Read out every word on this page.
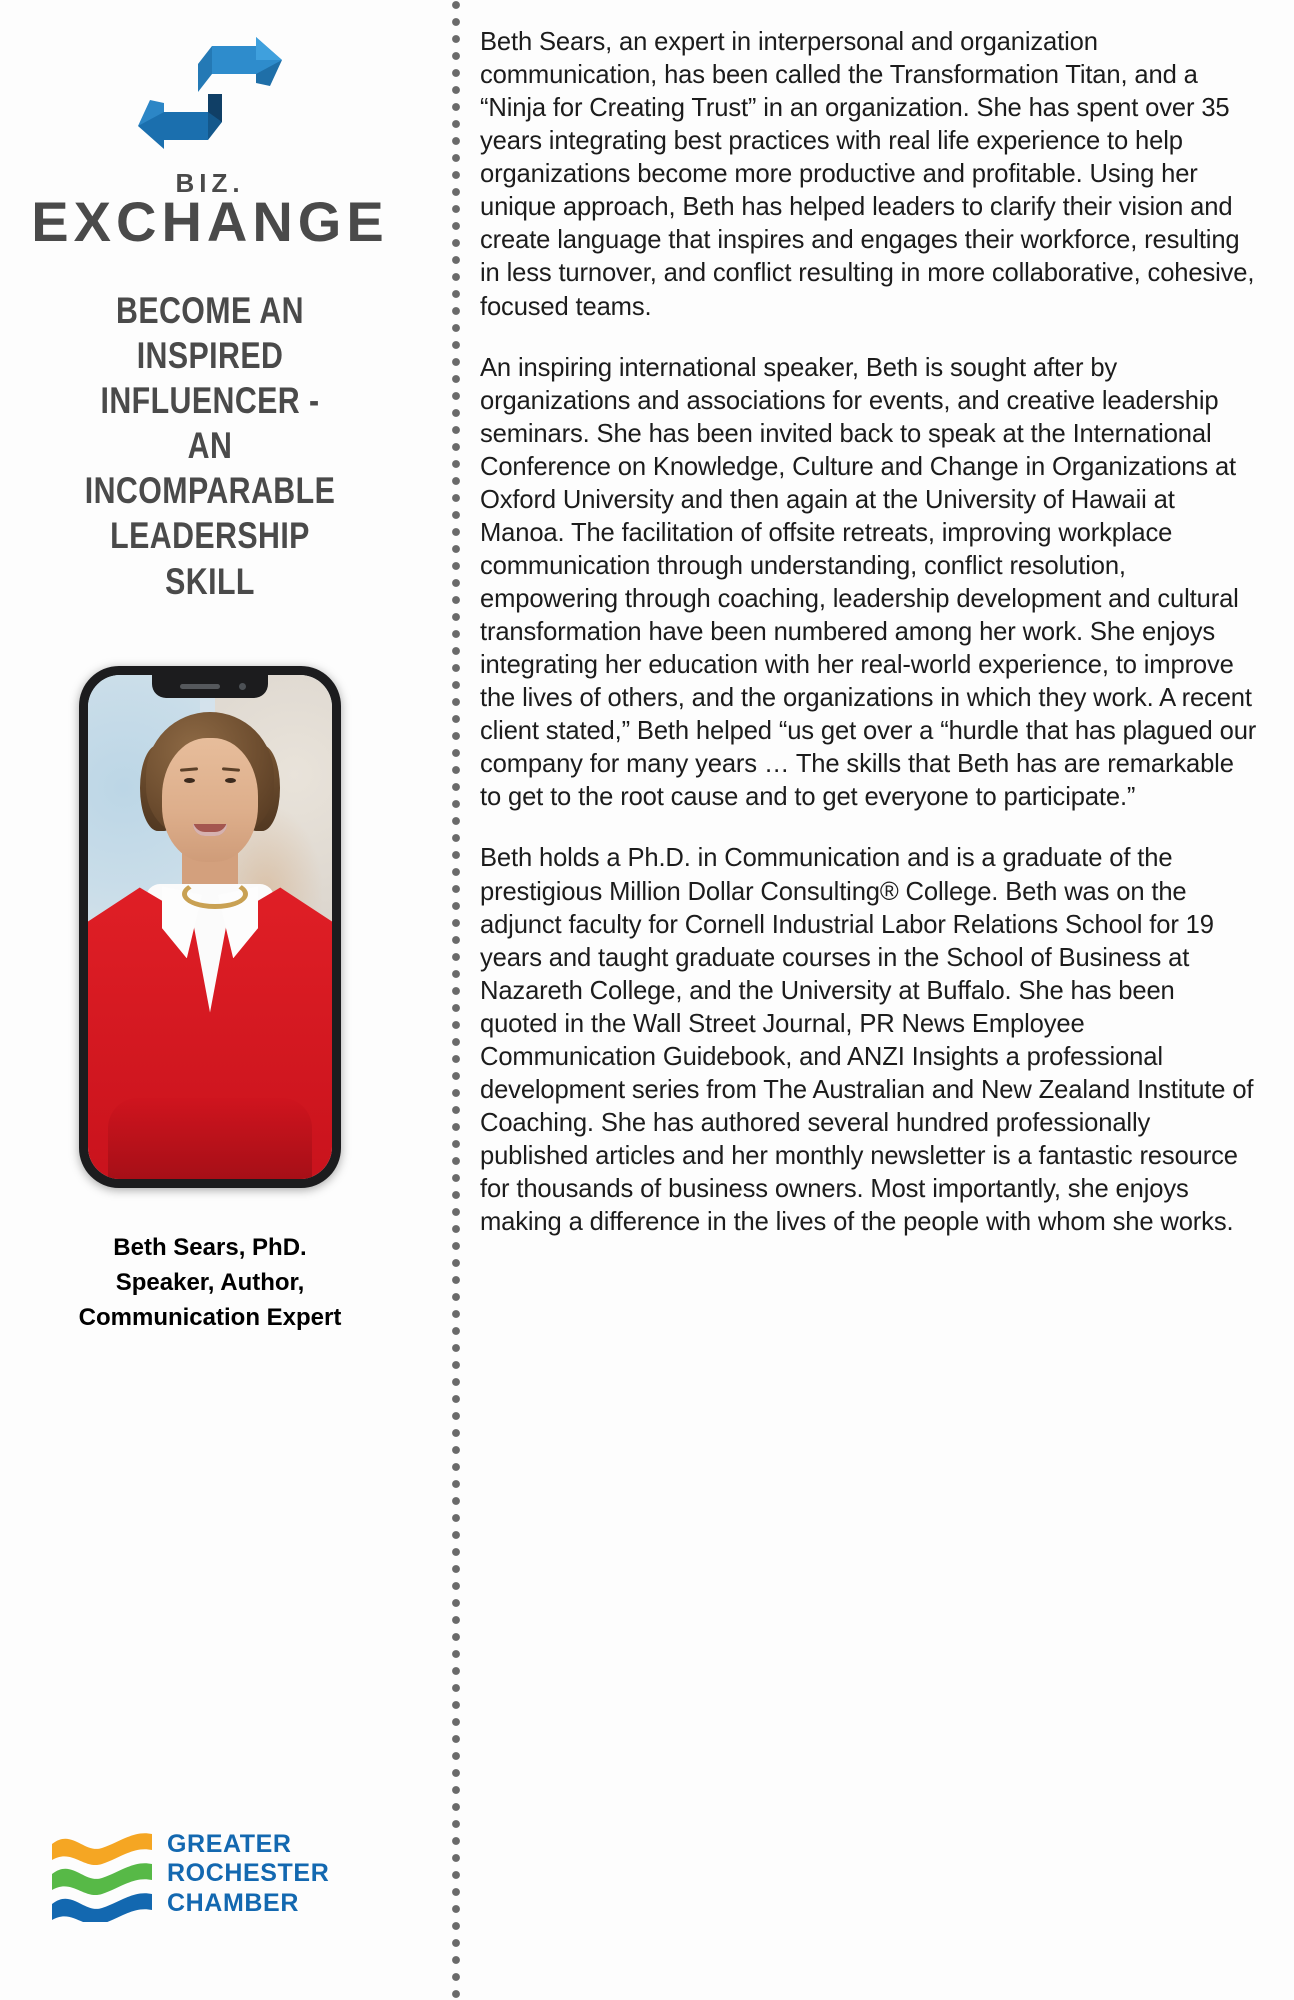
BIZ.
EXCHANGE
BECOME AN INSPIRED INFLUENCER - AN INCOMPARABLE LEADERSHIP SKILL
Beth Sears, PhD.
Speaker, Author,
Communication Expert
GREATER
ROCHESTER
CHAMBER

Beth Sears, an expert in interpersonal and organization communication, has been called the Transformation Titan, and a “Ninja for Creating Trust” in an organization. She has spent over 35 years integrating best practices with real life experience to help organizations become more productive and profitable. Using her unique approach, Beth has helped leaders to clarify their vision and create language that inspires and engages their workforce, resulting in less turnover, and conflict resulting in more collaborative, cohesive, focused teams.

An inspiring international speaker, Beth is sought after by organizations and associations for events, and creative leadership seminars. She has been invited back to speak at the International Conference on Knowledge, Culture and Change in Organizations at Oxford University and then again at the University of Hawaii at Manoa. The facilitation of offsite retreats, improving workplace communication through understanding, conflict resolution, empowering through coaching, leadership development and cultural transformation have been numbered among her work. She enjoys integrating her education with her real-world experience, to improve the lives of others, and the organizations in which they work. A recent client stated,” Beth helped “us get over a “hurdle that has plagued our company for many years … The skills that Beth has are remarkable to get to the root cause and to get everyone to participate.”

Beth holds a Ph.D. in Communication and is a graduate of the prestigious Million Dollar Consulting® College. Beth was on the adjunct faculty for Cornell Industrial Labor Relations School for 19 years and taught graduate courses in the School of Business at Nazareth College, and the University at Buffalo. She has been quoted in the Wall Street Journal, PR News Employee Communication Guidebook, and ANZI Insights a professional development series from The Australian and New Zealand Institute of Coaching. She has authored several hundred professionally published articles and her monthly newsletter is a fantastic resource for thousands of business owners. Most importantly, she enjoys making a difference in the lives of the people with whom she works.
